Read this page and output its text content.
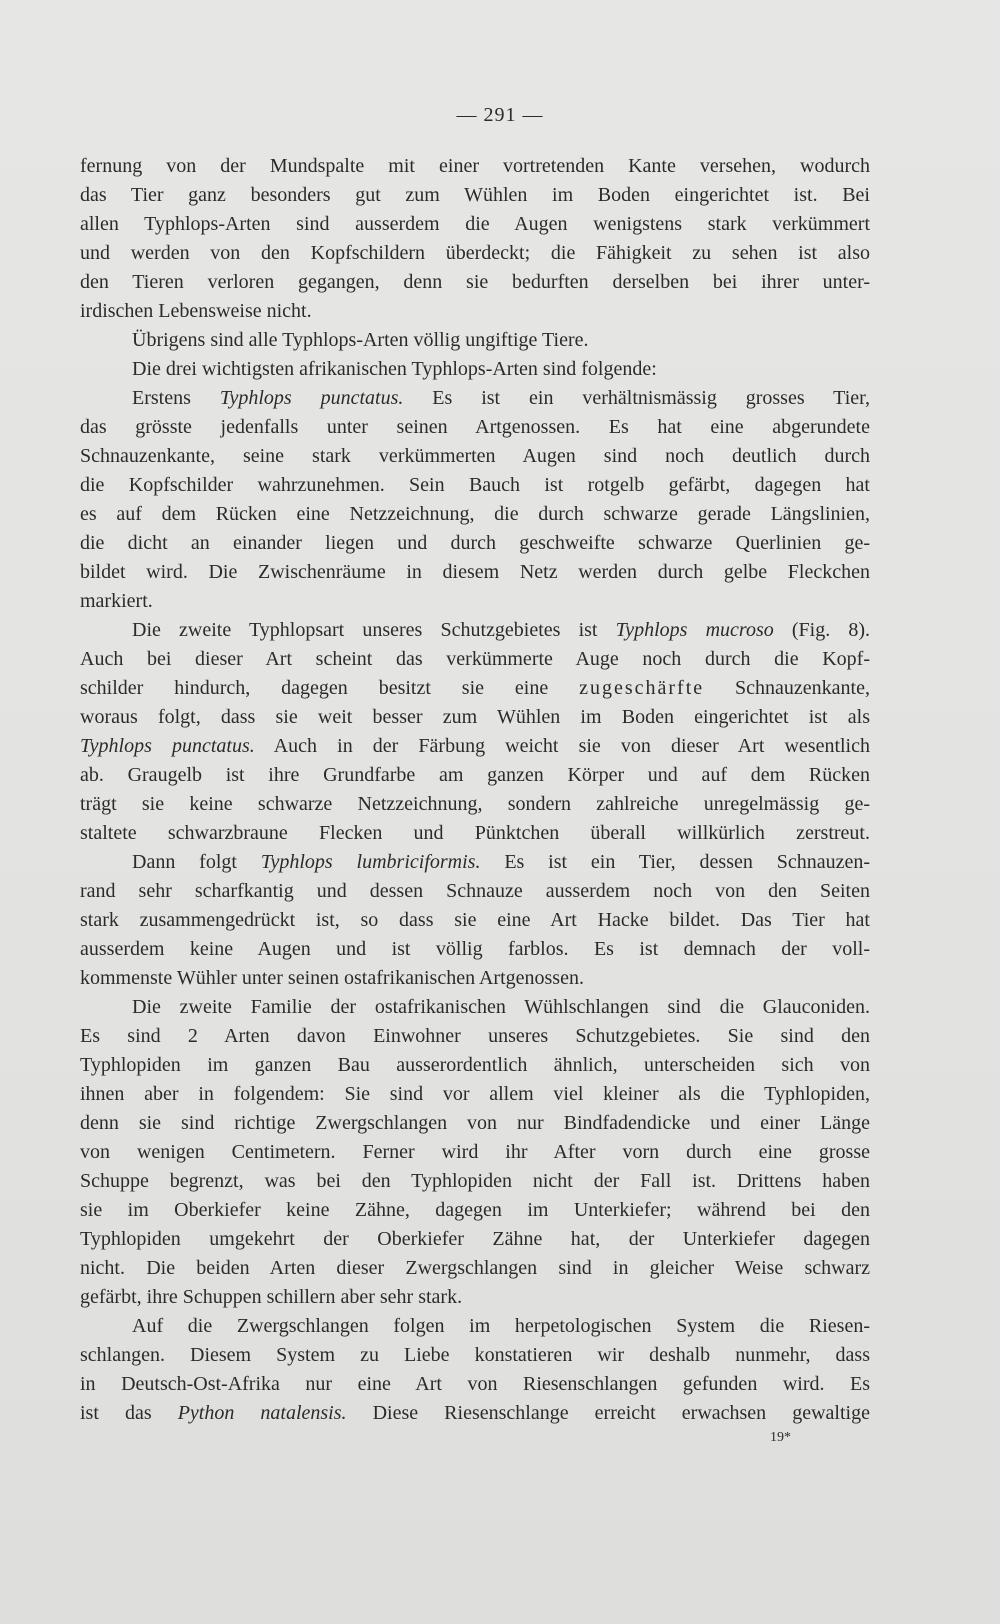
— 291 —
fernung von der Mundspalte mit einer vortretenden Kante versehen, wodurch
das Tier ganz besonders gut zum Wühlen im Boden eingerichtet ist. Bei
allen Typhlops-Arten sind ausserdem die Augen wenigstens stark verkümmert
und werden von den Kopfschildern überdeckt; die Fähigkeit zu sehen ist also
den Tieren verloren gegangen, denn sie bedurften derselben bei ihrer unter-
irdischen Lebensweise nicht.
Übrigens sind alle Typhlops-Arten völlig ungiftige Tiere.
Die drei wichtigsten afrikanischen Typhlops-Arten sind folgende:
Erstens Typhlops punctatus. Es ist ein verhältnismässig grosses Tier,
das grösste jedenfalls unter seinen Artgenossen. Es hat eine abgerundete
Schnauzenkante, seine stark verkümmerten Augen sind noch deutlich durch
die Kopfschilder wahrzunehmen. Sein Bauch ist rotgelb gefärbt, dagegen hat
es auf dem Rücken eine Netzzeichnung, die durch schwarze gerade Längslinien,
die dicht an einander liegen und durch geschweifte schwarze Querlinien ge-
bildet wird. Die Zwischenräume in diesem Netz werden durch gelbe Fleckchen
markiert.
Die zweite Typhlopsart unseres Schutzgebietes ist Typhlops mucroso (Fig. 8).
Auch bei dieser Art scheint das verkümmerte Auge noch durch die Kopf-
schilder hindurch, dagegen besitzt sie eine zugeschärfte Schnauzenkante,
woraus folgt, dass sie weit besser zum Wühlen im Boden eingerichtet ist als
Typhlops punctatus. Auch in der Färbung weicht sie von dieser Art wesentlich
ab. Graugelb ist ihre Grundfarbe am ganzen Körper und auf dem Rücken
trägt sie keine schwarze Netzzeichnung, sondern zahlreiche unregelmässig ge-
staltete schwarzbraune Flecken und Pünktchen überall willkürlich zerstreut.
Dann folgt Typhlops lumbriciformis. Es ist ein Tier, dessen Schnauzen-
rand sehr scharfkantig und dessen Schnauze ausserdem noch von den Seiten
stark zusammengedrückt ist, so dass sie eine Art Hacke bildet. Das Tier hat
ausserdem keine Augen und ist völlig farblos. Es ist demnach der voll-
kommenste Wühler unter seinen ostafrikanischen Artgenossen.
Die zweite Familie der ostafrikanischen Wühlschlangen sind die Glauconiden.
Es sind 2 Arten davon Einwohner unseres Schutzgebietes. Sie sind den
Typhlopiden im ganzen Bau ausserordentlich ähnlich, unterscheiden sich von
ihnen aber in folgendem: Sie sind vor allem viel kleiner als die Typhlopiden,
denn sie sind richtige Zwergschlangen von nur Bindfadendicke und einer Länge
von wenigen Centimetern. Ferner wird ihr After vorn durch eine grosse
Schuppe begrenzt, was bei den Typhlopiden nicht der Fall ist. Drittens haben
sie im Oberkiefer keine Zähne, dagegen im Unterkiefer; während bei den
Typhlopiden umgekehrt der Oberkiefer Zähne hat, der Unterkiefer dagegen
nicht. Die beiden Arten dieser Zwergschlangen sind in gleicher Weise schwarz
gefärbt, ihre Schuppen schillern aber sehr stark.
Auf die Zwergschlangen folgen im herpetologischen System die Riesen-
schlangen. Diesem System zu Liebe konstatieren wir deshalb nunmehr, dass
in Deutsch-Ost-Afrika nur eine Art von Riesenschlangen gefunden wird. Es
ist das Python natalensis. Diese Riesenschlange erreicht erwachsen gewaltige
19*
